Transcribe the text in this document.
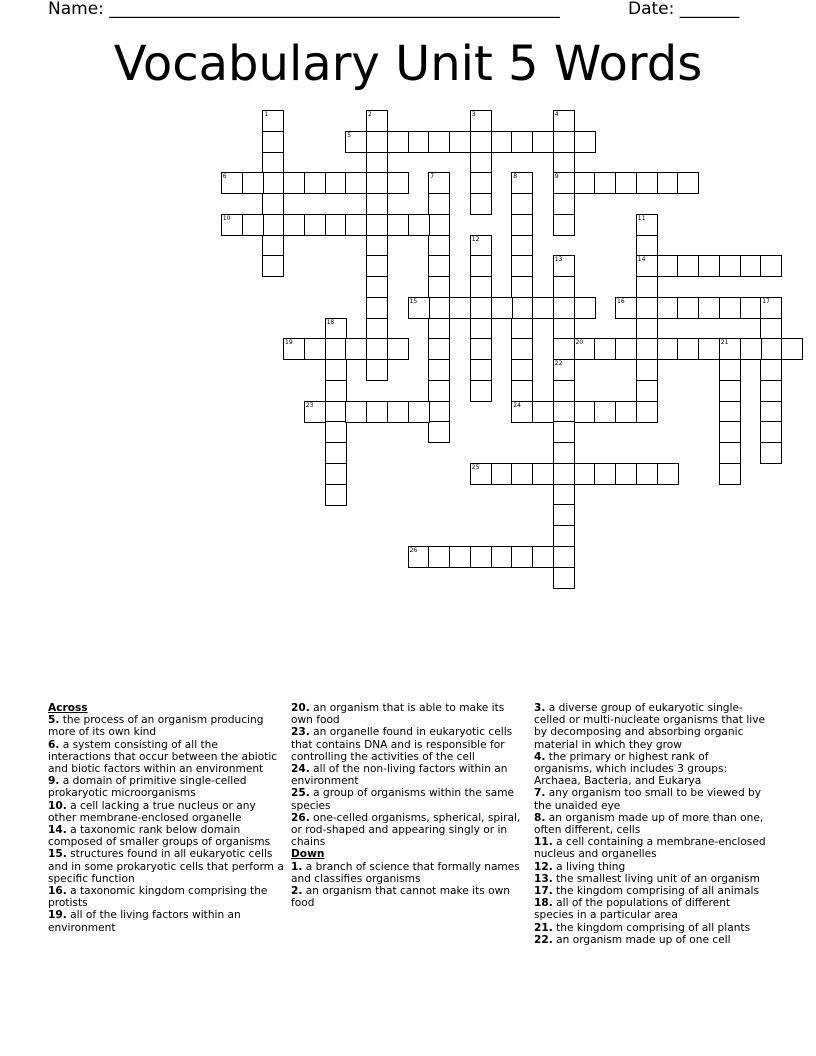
Name: _____________________________________________________	Date: _______
Vocabulary Unit 5 Words
1	2	3	4
9
5
6	7	8
10	11
14
12
13
15	16	17
18
19	20	21
22
23	24
25
26

Across

5. the process of an organism producing more of its own kind

6. a system consisting of all the interactions that occur between the abiotic and biotic factors within an environment

9. a domain of primitive single-celled prokaryotic microorganisms

10. a cell lacking a true nucleus or any other membrane-enclosed organelle

14. a taxonomic rank below domain composed of smaller groups of organisms

15. structures found in all eukaryotic cells and in some prokaryotic cells that perform a specific function

16. a taxonomic kingdom comprising the protists

19. all of the living factors within an environment

20. an organism that is able to make its own food

23. an organelle found in eukaryotic cells that contains DNA and is responsible for controlling the activities of the cell

24. all of the non-living factors within an environment

25. a group of organisms within the same species

26. one-celled organisms, spherical, spiral, or rod-shaped and appearing singly or in chains

Down

1. a branch of science that formally names and classifies organisms

2. an organism that cannot make its own food

3. a diverse group of eukaryotic single-celled or multi-nucleate organisms that live by decomposing and absorbing organic material in which they grow

4. the primary or highest rank of organisms, which includes 3 groups: Archaea, Bacteria, and Eukarya

7. any organism too small to be viewed by the unaided eye

8. an organism made up of more than one, often different, cells

11. a cell containing a membrane-enclosed nucleus and organelles

12. a living thing

13. the smallest living unit of an organism

17. the kingdom comprising of all animals

18. all of the populations of different species in a particular area

21. the kingdom comprising of all plants

22. an organism made up of one cell
